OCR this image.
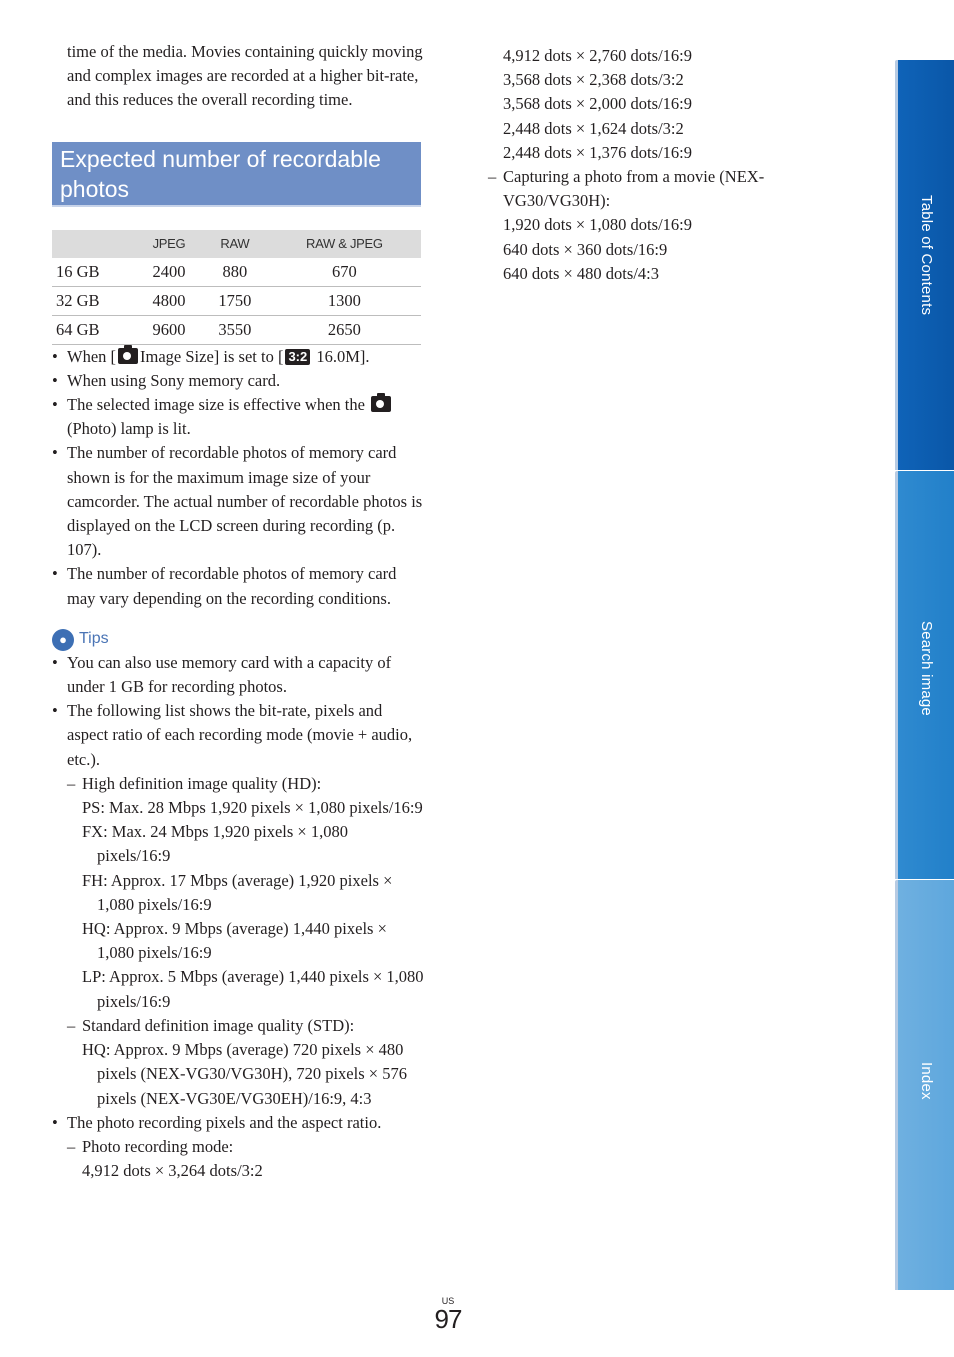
time of the media. Movies containing quickly moving and complex images are recorded at a higher bit-rate, and this reduces the overall recording time.

Expected number of recordable photos
	JPEG	RAW	RAW & JPEG
16 GB	2400	880	670
32 GB	4800	1750	1300
64 GB	9600	3550	2650
• When [ Image Size] is set to [ 3:2 16.0M].
• When using Sony memory card.
• The selected image size is effective when the
(Photo) lamp is lit.
• The number of recordable photos of memory card shown is for the maximum image size of your camcorder. The actual number of recordable photos is displayed on the LCD screen during recording (p. 107).
• The number of recordable photos of memory card may vary depending on the recording conditions.
● Tips
• You can also use memory card with a capacity of under 1 GB for recording photos.
• The following list shows the bit-rate, pixels and aspect ratio of each recording mode (movie + audio, etc.).
– High definition image quality (HD):
PS: Max. 28 Mbps 1,920 pixels × 1,080 pixels/16:9
FX: Max. 24 Mbps 1,920 pixels × 1,080 pixels/16:9
FH: Approx. 17 Mbps (average) 1,920 pixels × 1,080 pixels/16:9
HQ: Approx. 9 Mbps (average) 1,440 pixels × 1,080 pixels/16:9
LP: Approx. 5 Mbps (average) 1,440 pixels × 1,080 pixels/16:9
– Standard definition image quality (STD):
HQ: Approx. 9 Mbps (average) 720 pixels × 480 pixels (NEX-VG30/VG30H), 720 pixels × 576 pixels (NEX-VG30E/VG30EH)/16:9, 4:3
• The photo recording pixels and the aspect ratio.
– Photo recording mode:
4,912 dots × 3,264 dots/3:2
4,912 dots × 2,760 dots/16:9
3,568 dots × 2,368 dots/3:2
3,568 dots × 2,000 dots/16:9
2,448 dots × 1,624 dots/3:2
2,448 dots × 1,376 dots/16:9
– Capturing a photo from a movie (NEX-VG30/VG30H):
1,920 dots × 1,080 dots/16:9
640 dots × 360 dots/16:9
640 dots × 480 dots/4:3	Table of Contents
Search image
Index
US
97
